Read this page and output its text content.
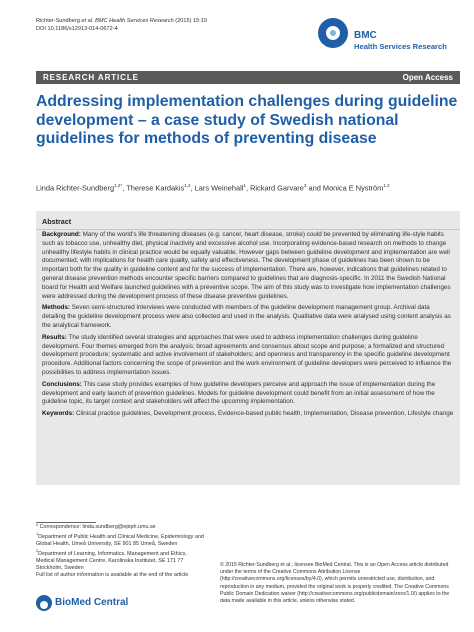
Richter-Sundberg et al. BMC Health Services Research (2015) 15:19
DOI 10.1186/s12913-014-0672-4
BMC
Health Services Research
RESEARCH ARTICLE	Open Access
Addressing implementation challenges during guideline development – a case study of Swedish national guidelines for methods of preventing disease
Linda Richter-Sundberg$^{1,2*}$, Therese Kardakis$^{1,2}$, Lars Weinehall$^1$, Rickard Garvare$^3$ and Monica E Nyström$^{1,2}$
Abstract

Background: Many of the world's life threatening diseases (e.g. cancer, heart disease, stroke) could be prevented by eliminating life-style habits such as tobacco use, unhealthy diet, physical inactivity and excessive alcohol use. Incorporating evidence-based research on methods to change unhealthy lifestyle habits in clinical practice would be equally valuable. However gaps between guideline development and implementation are well documented, with implications for health care quality, safety and effectiveness. The development phase of guidelines has been shown to be important both for the quality in guideline content and for the success of implementation. There are, however, indications that guidelines related to general disease prevention methods encounter specific barriers compared to guidelines that are diagnosis-specific. In 2011 the Swedish National board for Health and Welfare launched guidelines with a preventive scope. The aim of this study was to investigate how implementation challenges were addressed during the development process of these disease preventive guidelines.

Methods: Seven semi-structured interviews were conducted with members of the guideline development management group. Archival data detailing the guideline development process were also collected and used in the analysis. Qualitative data were analysed using content analysis as the analytical framework.

Results: The study identified several strategies and approaches that were used to address implementation challenges during guideline development. Four themes emerged from the analysis: broad agreements and consensus about scope and purpose; a formalized and structured development procedure; systematic and active involvement of stakeholders; and openness and transparency in the specific guideline development procedure. Additional factors concerning the scope of prevention and the work environment of guideline developers were perceived to influence the possibilities to address implementation issues.

Conclusions: This case study provides examples of how guideline developers perceive and approach the issue of implementation during the development and early launch of prevention guidelines. Models for guideline development could benefit from an initial assessment of how the guideline topic, its target context and stakeholders will affect the upcoming implementation.

Keywords: Clinical practice guidelines, Development process, Evidence-based public health, Implementation, Disease prevention, Lifestyle change

* Correspondence: linda.sundberg@epiph.umu.se
$^1$Department of Public Health and Clinical Medicine, Epidemiology and Global Health, Umeå University, SE 901 85 Umeå, Sweden
$^2$Department of Learning, Informatics, Management and Ethics, Medical Management Centre, Karolinska Institutet, SE 171 77 Stockholm, Sweden
Full list of author information is available at the end of the article
BioMed Central
© 2015 Richter-Sundberg et al.; licensee BioMed Central. This is an Open Access article distributed under the terms of the Creative Commons Attribution License (http://creativecommons.org/licenses/by/4.0), which permits unrestricted use, distribution, and reproduction in any medium, provided the original work is properly credited. The Creative Commons Public Domain Dedication waiver (http://creativecommons.org/publicdomain/zero/1.0/) applies to the data made available in this article, unless otherwise stated.
